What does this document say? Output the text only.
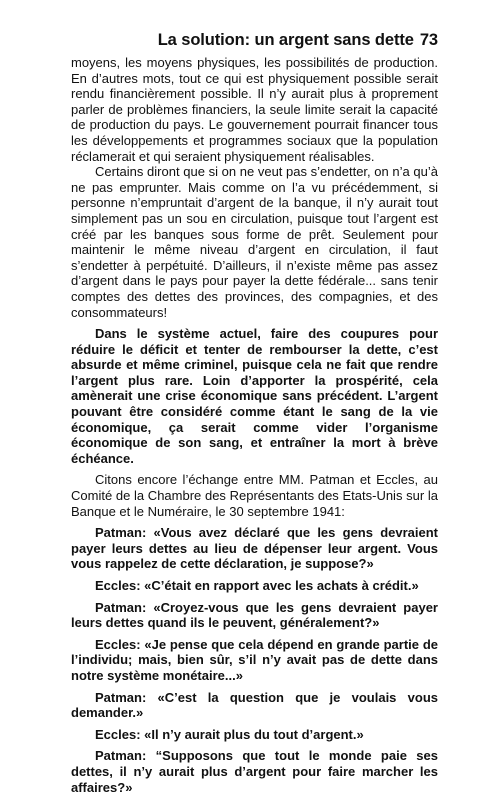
La solution: un argent sans dette 73

moyens, les moyens physiques, les possibilités de production. En d’autres mots, tout ce qui est physiquement possible serait rendu financièrement possible. Il n’y aurait plus à proprement parler de problèmes financiers, la seule limite serait la capacité de production du pays. Le gouvernement pourrait financer tous les développements et programmes sociaux que la population réclamerait et qui seraient physiquement réalisables.

Certains diront que si on ne veut pas s’endetter, on n’a qu’à ne pas emprunter. Mais comme on l’a vu précédemment, si personne n’empruntait d’argent de la banque, il n’y aurait tout simplement pas un sou en circulation, puisque tout l’argent est créé par les banques sous forme de prêt. Seulement pour maintenir le même niveau d’argent en circulation, il faut s’endetter à perpétuité. D’ailleurs, il n’existe même pas assez d’argent dans le pays pour payer la dette fédérale... sans tenir comptes des dettes des provinces, des compagnies, et des consommateurs!

Dans le système actuel, faire des coupures pour réduire le déficit et tenter de rembourser la dette, c’est absurde et même criminel, puisque cela ne fait que rendre l’argent plus rare. Loin d’apporter la prospérité, cela amènerait une crise économique sans précédent. L’argent pouvant être considéré comme étant le sang de la vie économique, ça serait comme vider l’organisme économique de son sang, et entraîner la mort à brève échéance.

Citons encore l’échange entre MM. Patman et Eccles, au Comité de la Chambre des Représentants des Etats-Unis sur la Banque et le Numéraire, le 30 septembre 1941:

Patman: «Vous avez déclaré que les gens devraient payer leurs dettes au lieu de dépenser leur argent. Vous vous rappelez de cette déclaration, je suppose?»

Eccles: «C’était en rapport avec les achats à crédit.»

Patman: «Croyez-vous que les gens devraient payer leurs dettes quand ils le peuvent, généralement?»

Eccles: «Je pense que cela dépend en grande partie de l’individu; mais, bien sûr, s’il n’y avait pas de dette dans notre système monétaire...»

Patman: «C’est la question que je voulais vous demander.»

Eccles: «Il n’y aurait plus du tout d’argent.»

Patman: “Supposons que tout le monde paie ses dettes, il n’y aurait plus d’argent pour faire marcher les affaires?»
